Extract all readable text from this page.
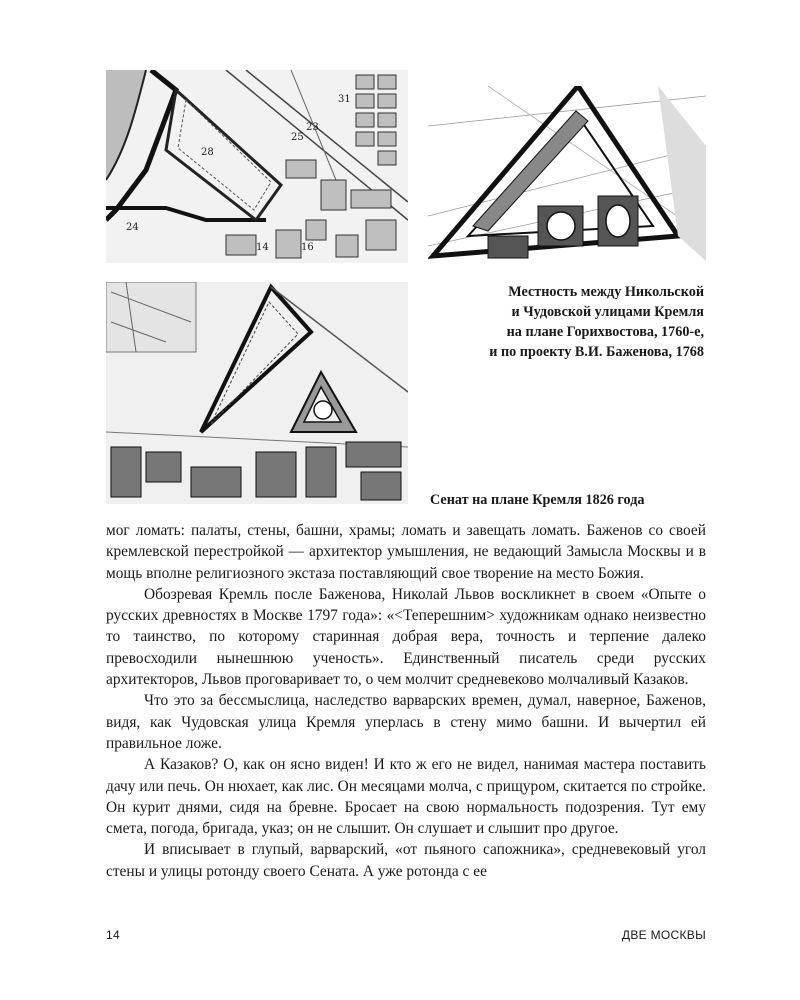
23
25
31
28
14	16
24
Местность между Никольской
и Чудовской улицами Кремля
на плане Горихвостова, 1760-е,
и по проекту В.И. Баженова, 1768
Сенат на плане Кремля 1826 года

мог ломать: палаты, стены, башни, храмы; ломать и завещать ломать. Баженов со своей кремлевской перестройкой — архитектор умышления, не ведающий Замысла Москвы и в мощь вполне религиозного экстаза поставляющий свое творение на место Божия.

Обозревая Кремль после Баженова, Николай Львов воскликнет в своем «Опыте о русских древностях в Москве 1797 года»: «<Теперешним> художникам однако неизвестно то таинство, по которому старинная добрая вера, точность и терпение далеко превосходили нынешнюю ученость». Единственный писатель среди русских архитекторов, Львов проговаривает то, о чем молчит средневеково молчаливый Казаков.

Что это за бессмыслица, наследство варварских времен, думал, наверное, Баженов, видя, как Чудовская улица Кремля уперлась в стену мимо башни. И вычертил ей правильное ложе.

А Казаков? О, как он ясно виден! И кто ж его не видел, нанимая мастера поставить дачу или печь. Он нюхает, как лис. Он месяцами молча, с прищуром, скитается по стройке. Он курит днями, сидя на бревне. Бросает на свою нормальность подозрения. Тут ему смета, погода, бригада, указ; он не слышит. Он слушает и слышит про другое.

И вписывает в глупый, варварский, «от пьяного сапожника», средневековый угол стены и улицы ротонду своего Сената. А уже ротонда с ее

14	ДВЕ МОСКВЫ
